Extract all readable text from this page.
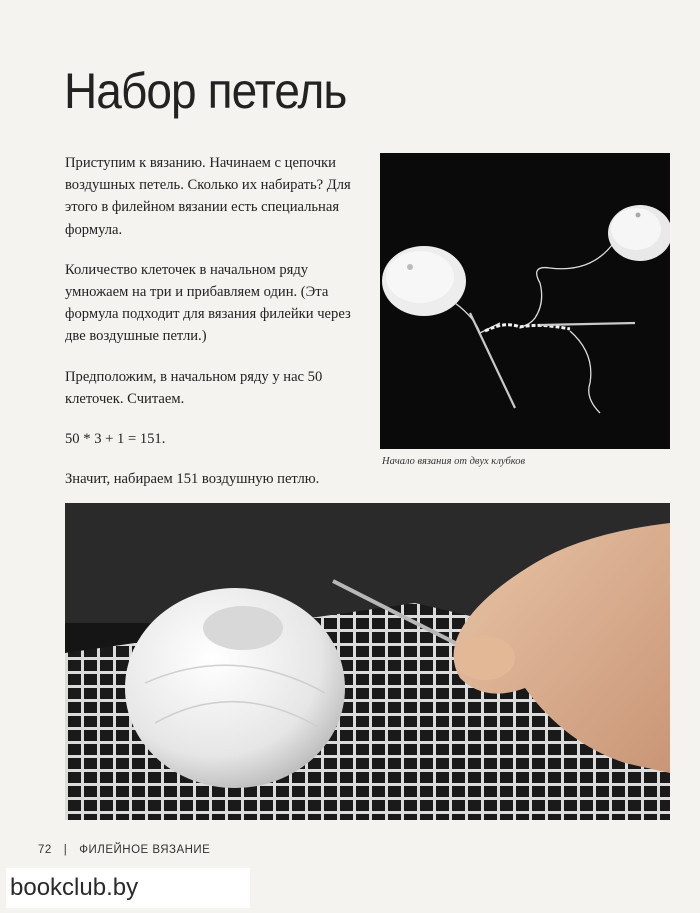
Набор петель

Приступим к вязанию. Начинаем с цепочки воздушных петель. Сколько их набирать? Для этого в филейном вязании есть специальная формула.

Количество клеточек в начальном ряду умножаем на три и прибавляем один. (Эта формула подходит для вязания филейки через две воздушные петли.)

Предположим, в начальном ряду у нас 50 клеточек. Считаем.

50 * 3 + 1 = 151.

Значит, набираем 151 воздушную петлю.

Начало вязания от двух клубков
72 | ФИЛЕЙНОЕ ВЯЗАНИЕ
bookclub.by
